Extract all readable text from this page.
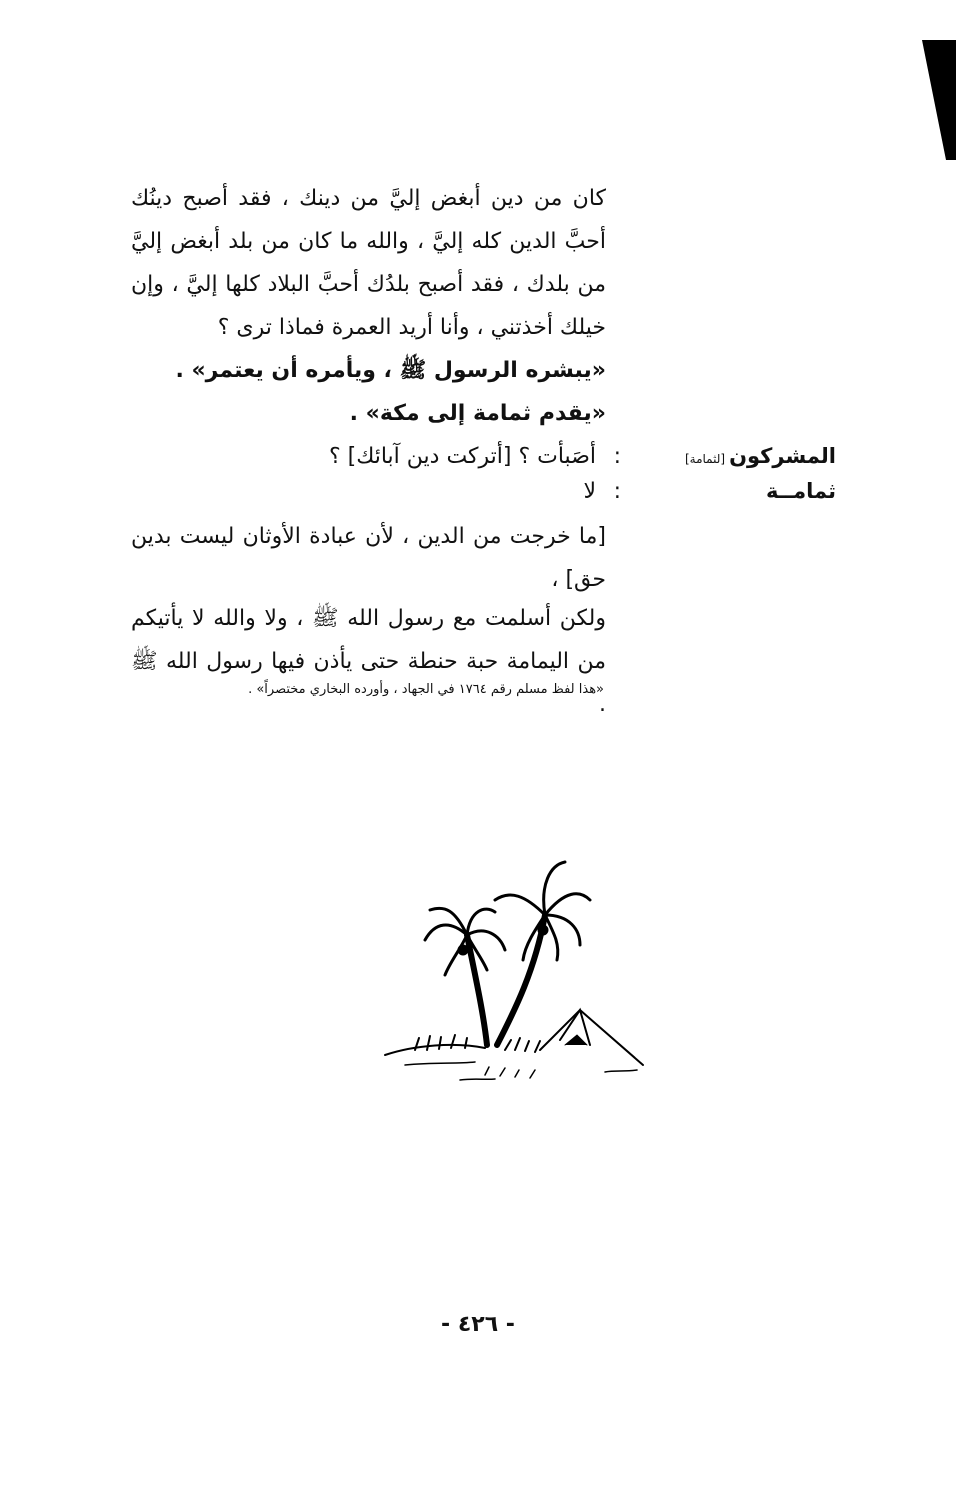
كان من دين أبغض إليَّ من دينك ، فقد أصبح دينُك أحبَّ الدين كله إليَّ ، والله ما كان من بلد أبغض إليَّ من بلدك ، فقد أصبح بلدُك أحبَّ البلاد كلها إليَّ ، وإن خيلك أخذتني ، وأنا أريد العمرة فماذا ترى ؟
«يبشره الرسول ﷺ ، ويأمره أن يعتمر» .
«يقدم ثمامة إلى مكة» .
المشركون[لثمامة]
:
أصَبأت ؟ [أتركت دين آبائك] ؟
ثمامــة
:
لا
[ما خرجت من الدين ، لأن عبادة الأوثان ليست بدين حق] ،
ولكن أسلمت مع رسول الله ﷺ ، ولا والله لا يأتيكم من اليمامة حبة حنطة حتى يأذن فيها رسول الله ﷺ .
«هذا لفظ مسلم رقم ١٧٦٤ في الجهاد ، وأورده البخاري مختصراً» .
- ٤٢٦ -
